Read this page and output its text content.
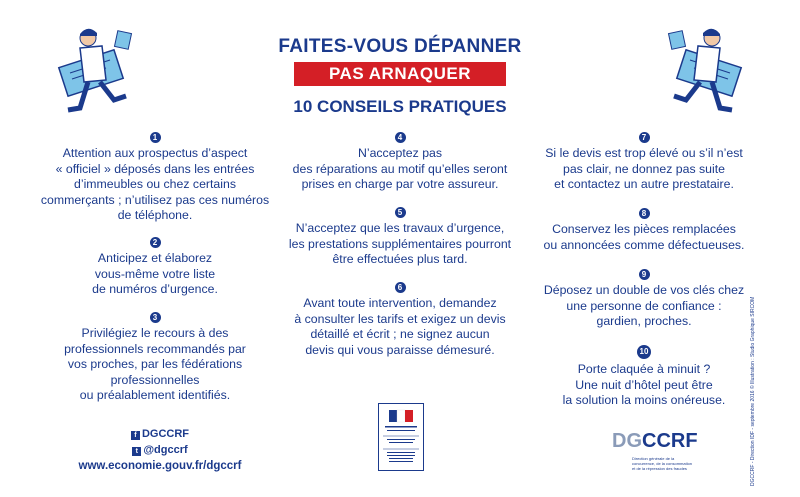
FAITES-VOUS DÉPANNER
PAS ARNAQUER
10 CONSEILS PRATIQUES
1
Attention aux prospectus d’aspect
« officiel » déposés dans les entrées
d’immeubles ou chez certains
commerçants ; n’utilisez pas ces numéros
de téléphone.
2
Anticipez et élaborez
vous-même votre liste
de numéros d’urgence.
3
Privilégiez le recours à des
professionnels recommandés par
vos proches, par les fédérations
professionnelles
ou préalablement identifiés.
4
N’acceptez pas
des réparations au motif qu’elles seront
prises en charge par votre assureur.
5
N’acceptez que les travaux d’urgence,
les prestations supplémentaires pourront
être effectuées plus tard.
6
Avant toute intervention, demandez
à consulter les tarifs et exigez un devis
détaillé et écrit ; ne signez aucun
devis qui vous paraisse démesuré.
7
Si le devis est trop élevé ou s’il n’est
pas clair, ne donnez pas suite
et contactez un autre prestataire.
8
Conservez les pièces remplacées
ou annoncées comme défectueuses.
9
Déposez un double de vos clés chez
une personne de confiance :
gardien, proches.
10
Porte claquée à minuit ?
Une nuit d’hôtel peut être
la solution la moins onéreuse.
f DGCCRF
t @dgccrf
www.economie.gouv.fr/dgccrf
DGCCRF
Direction générale de la concurrence, de la consommation et de la répression des fraudes	DGCCRF - Direction IDF - septembre 2016 © Illustration : Studio Graphique SIRCOM
